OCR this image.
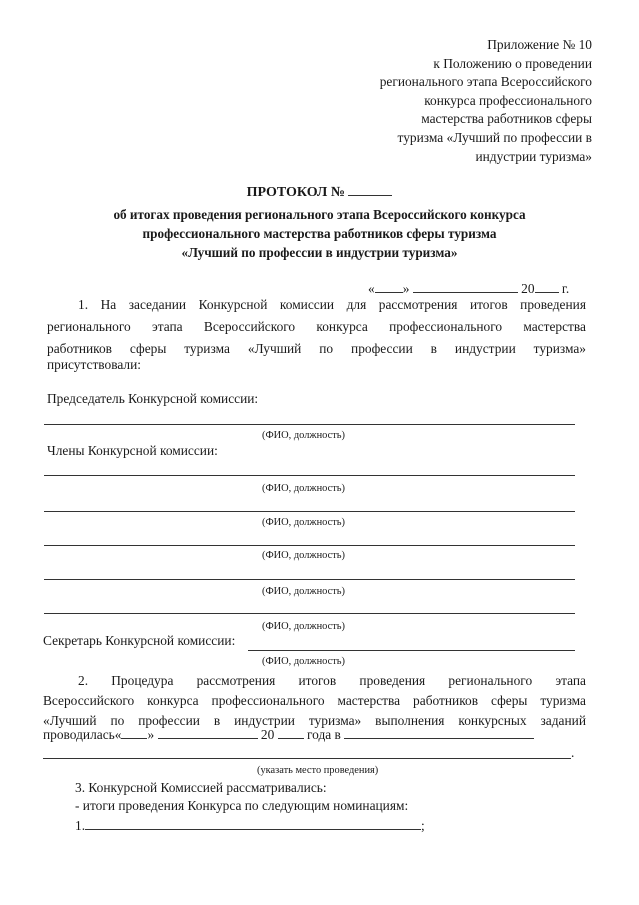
Приложение № 10
к Положению о проведении
регионального этапа Всероссийского
конкурса профессионального
мастерства работников сферы
туризма «Лучший по профессии в
индустрии туризма»
ПРОТОКОЛ №
об итогах проведения регионального этапа Всероссийского конкурса
профессионального мастерства работников сферы туризма
«Лучший по профессии в индустрии туризма»
« »	20 г.
1. На заседании Конкурсной комиссии для рассмотрения итогов проведения
регионального этапа Всероссийского конкурса профессионального мастерства
работников сферы туризма «Лучший по профессии в индустрии туризма»
присутствовали:
Председатель Конкурсной комиссии:
(ФИО, должность)
Члены Конкурсной комиссии:
(ФИО, должность)
(ФИО, должность)
(ФИО, должность)
(ФИО, должность)
(ФИО, должность)
Секретарь Конкурсной комиссии:
(ФИО, должность)
2. Процедура рассмотрения итогов проведения регионального этапа
Всероссийского конкурса профессионального мастерства работников сферы туризма
«Лучший по профессии в индустрии туризма» выполнения конкурсных заданий
проводилась« »	20 года в
.
(указать место проведения)
3. Конкурсной Комиссией рассматривались:
- итоги проведения Конкурса по следующим номинациям:
1.	;
